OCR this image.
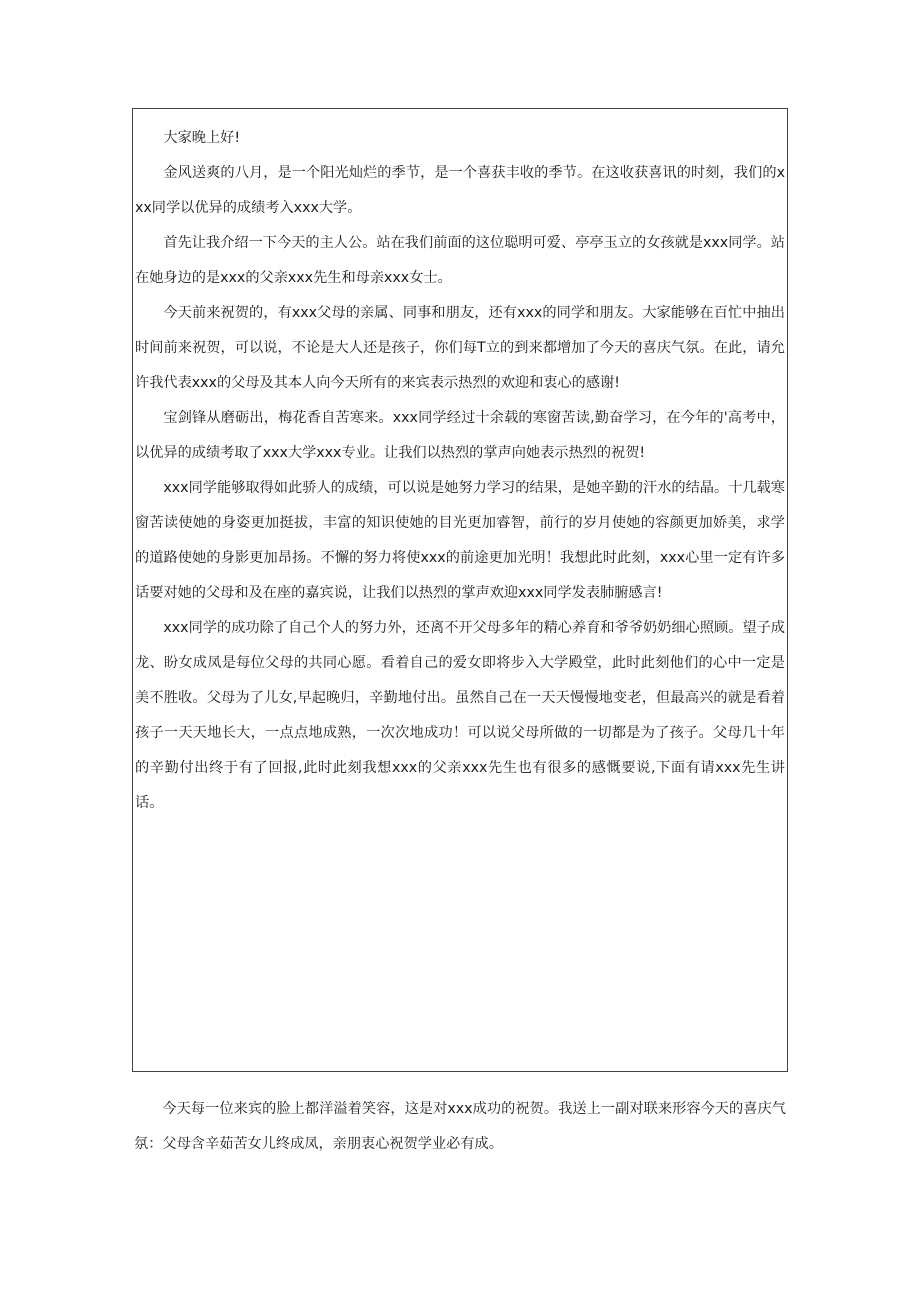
大家晚上好!

金风送爽的八月，是一个阳光灿烂的季节，是一个喜获丰收的季节。在这收获喜讯的时刻，我们的xxx同学以优异的成绩考入xxx大学。

首先让我介绍一下今天的主人公。站在我们前面的这位聪明可爱、亭亭玉立的女孩就是xxx同学。站在她身边的是xxx的父亲xxx先生和母亲xxx女士。

今天前来祝贺的，有xxx父母的亲属、同事和朋友，还有xxx的同学和朋友。大家能够在百忙中抽出时间前来祝贺，可以说，不论是大人还是孩子，你们每T立的到来都增加了今天的喜庆气氛。在此，请允许我代表xxx的父母及其本人向今天所有的来宾表示热烈的欢迎和衷心的感谢!

宝剑锋从磨砺出，梅花香自苦寒来。xxx同学经过十余载的寒窗苦读,勤奋学习，在今年的'高考中，以优异的成绩考取了xxx大学xxx专业。让我们以热烈的掌声向她表示热烈的祝贺!

xxx同学能够取得如此骄人的成绩，可以说是她努力学习的结果，是她辛勤的汗水的结晶。十几载寒窗苦读使她的身姿更加挺拔，丰富的知识使她的目光更加睿智，前行的岁月使她的容颜更加娇美，求学的道路使她的身影更加昂扬。不懈的努力将使xxx的前途更加光明！我想此时此刻，xxx心里一定有许多话要对她的父母和及在座的嘉宾说，让我们以热烈的掌声欢迎xxx同学发表肺腑感言!

xxx同学的成功除了自己个人的努力外，还离不开父母多年的精心养育和爷爷奶奶细心照顾。望子成龙、盼女成凤是每位父母的共同心愿。看着自己的爱女即将步入大学殿堂，此时此刻他们的心中一定是美不胜收。父母为了儿女,早起晚归，辛勤地付出。虽然自己在一天天慢慢地变老，但最高兴的就是看着孩子一天天地长大，一点点地成熟，一次次地成功！可以说父母所做的一切都是为了孩子。父母几十年的辛勤付出终于有了回报,此时此刻我想xxx的父亲xxx先生也有很多的感慨要说,下面有请xxx先生讲话。

今天每一位来宾的脸上都洋溢着笑容，这是对xxx成功的祝贺。我送上一副对联来形容今天的喜庆气氛：父母含辛茹苦女儿终成凤，亲朋衷心祝贺学业必有成。
